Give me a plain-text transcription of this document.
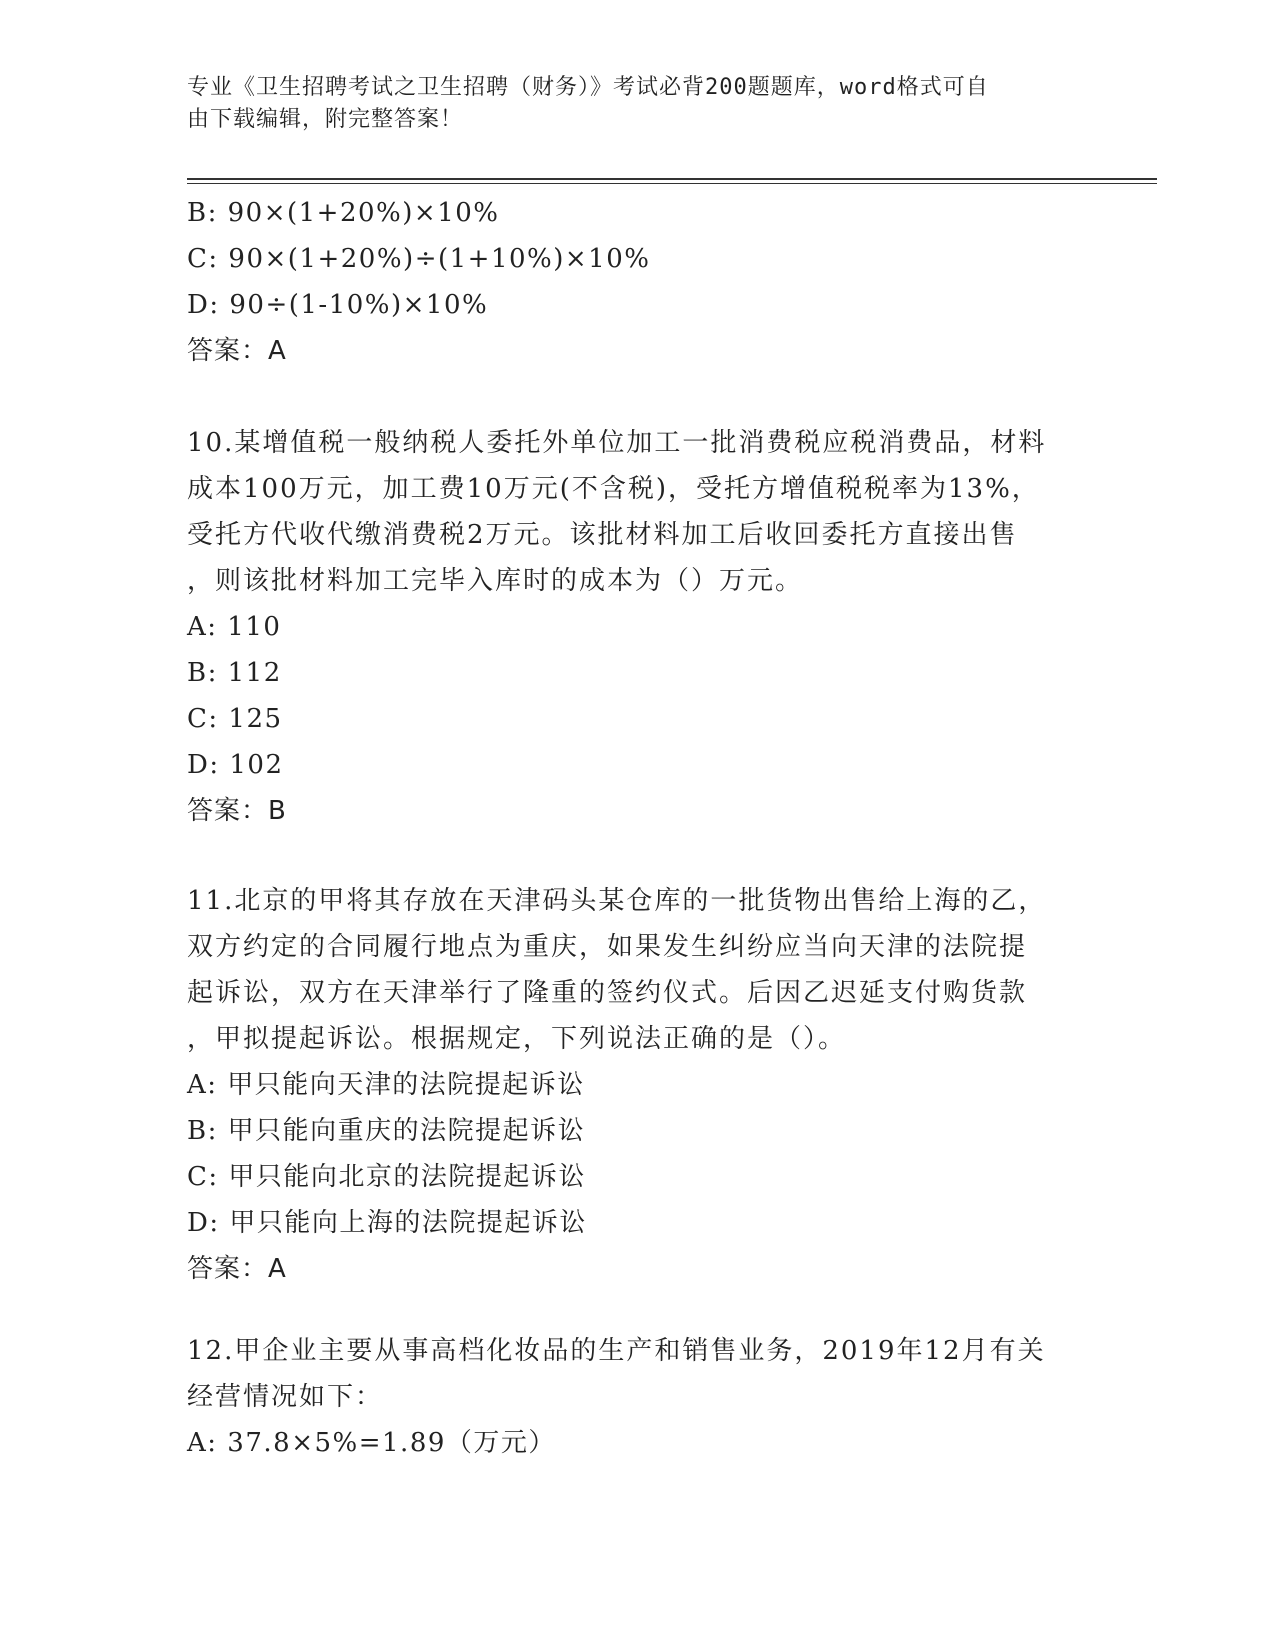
专业《卫生招聘考试之卫生招聘（财务）》考试必背200题题库，word格式可自
由下载编辑，附完整答案！
B: 90×(1+20%)×10%
C: 90×(1+20%)÷(1+10%)×10%
D: 90÷(1-10%)×10%
答案：A
10.某增值税一般纳税人委托外单位加工一批消费税应税消费品，材料
成本100万元，加工费10万元(不含税)，受托方增值税税率为13%，
受托方代收代缴消费税2万元。该批材料加工后收回委托方直接出售
，则该批材料加工完毕入库时的成本为（）万元。
A: 110
B: 112
C: 125
D: 102
答案：B
11.北京的甲将其存放在天津码头某仓库的一批货物出售给上海的乙，
双方约定的合同履行地点为重庆，如果发生纠纷应当向天津的法院提
起诉讼，双方在天津举行了隆重的签约仪式。后因乙迟延支付购货款
，甲拟提起诉讼。根据规定，下列说法正确的是（）。
A: 甲只能向天津的法院提起诉讼
B: 甲只能向重庆的法院提起诉讼
C: 甲只能向北京的法院提起诉讼
D: 甲只能向上海的法院提起诉讼
答案：A
12.甲企业主要从事高档化妆品的生产和销售业务，2019年12月有关
经营情况如下：
A: 37.8×5%=1.89（万元）
